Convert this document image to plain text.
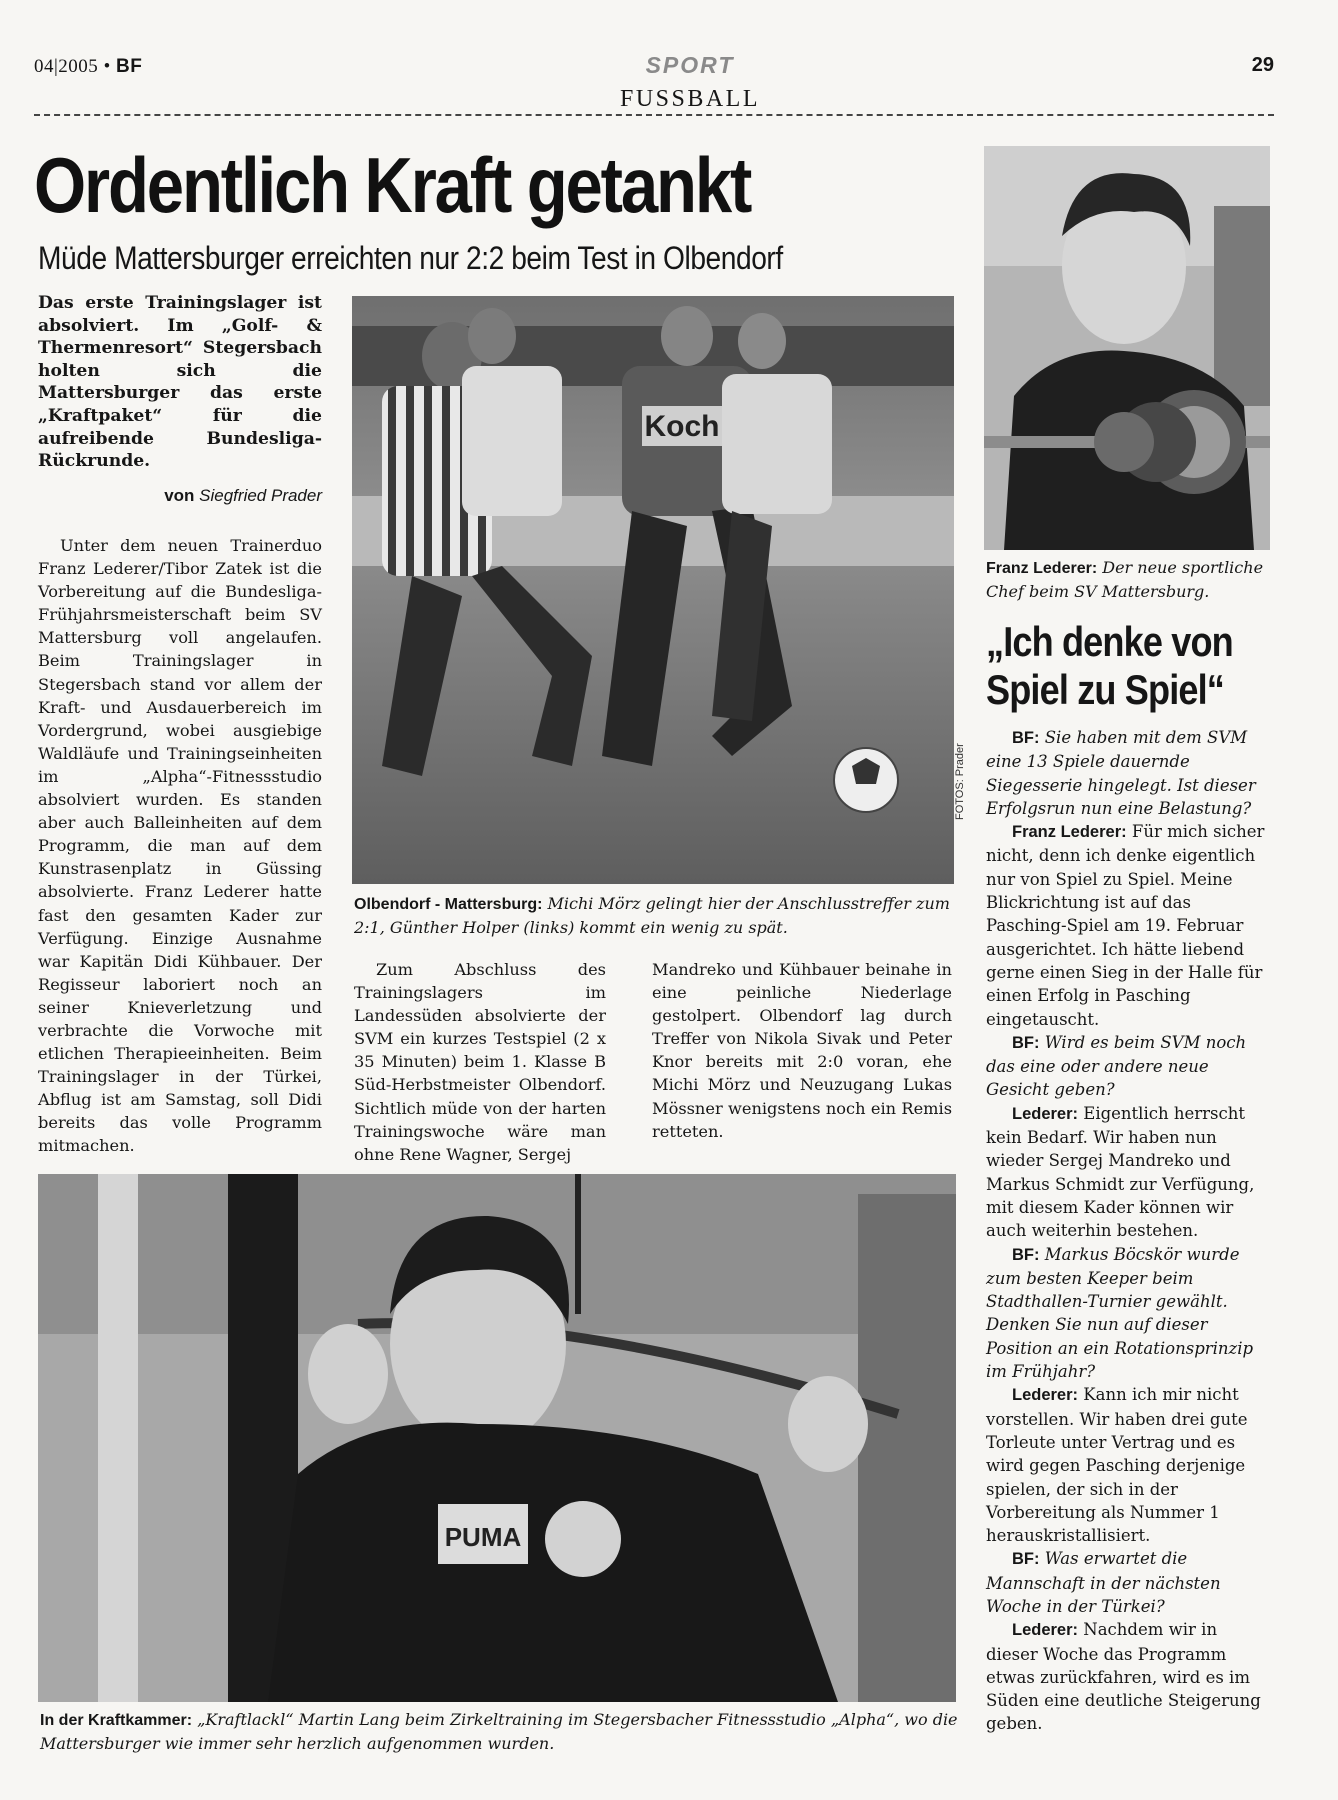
04|2005 • BF	SPORT
FUSSBALL
29
Ordentlich Kraft getankt
Müde Mattersburger erreichten nur 2:2 beim Test in Olbendorf
Das erste Trainingslager ist absolviert. Im „Golf- & Thermenresort“ Stegersbach holten sich die Mattersburger das erste „Kraftpaket“ für die aufreibende Bundesliga-Rückrunde.
von Siegfried Prader
Unter dem neuen Trainerduo Franz Lederer/Tibor Zatek ist die Vorbereitung auf die Bundesliga-Frühjahrsmeisterschaft beim SV Mattersburg voll angelaufen. Beim Trainingslager in Stegersbach stand vor allem der Kraft- und Ausdauerbereich im Vordergrund, wobei ausgiebige Waldläufe und Trainingseinheiten im „Alpha“-Fitnessstudio absolviert wurden. Es standen aber auch Balleinheiten auf dem Programm, die man auf dem Kunstrasenplatz in Güssing absolvierte. Franz Lederer hatte fast den gesamten Kader zur Verfügung. Einzige Ausnahme war Kapitän Didi Kühbauer. Der Regisseur laboriert noch an seiner Knieverletzung und verbrachte die Vorwoche mit etlichen Therapieeinheiten. Beim Trainingslager in der Türkei, Abflug ist am Samstag, soll Didi bereits das volle Programm mitmachen.
Zum Abschluss des Trainingslagers im Landessüden absolvierte der SVM ein kurzes Testspiel (2 x 35 Minuten) beim 1. Klasse B Süd-Herbstmeister Olbendorf. Sichtlich müde von der harten Trainingswoche wäre man ohne Rene Wagner, Sergej
Mandreko und Kühbauer beinahe in eine peinliche Niederlage gestolpert. Olbendorf lag durch Treffer von Nikola Sivak und Peter Knor bereits mit 2:0 voran, ehe Michi Mörz und Neuzugang Lukas Mössner wenigstens noch ein Remis retteten.
Koch
FOTOS: Prader
Olbendorf - Mattersburg: Michi Mörz gelingt hier der Anschlusstreffer zum 2:1, Günther Holper (links) kommt ein wenig zu spät.
Franz Lederer: Der neue sportliche Chef beim SV Mattersburg.
PUMA
In der Kraftkammer: „Kraftlackl“ Martin Lang beim Zirkeltraining im Stegersbacher Fitnessstudio „Alpha“, wo die Mattersburger wie immer sehr herzlich aufgenommen wurden.
„Ich denke von Spiel zu Spiel“

BF: Sie haben mit dem SVM eine 13 Spiele dauernde Siegesserie hingelegt. Ist dieser Erfolgsrun nun eine Belastung?

Franz Lederer: Für mich sicher nicht, denn ich denke eigentlich nur von Spiel zu Spiel. Meine Blickrichtung ist auf das Pasching-Spiel am 19. Februar ausgerichtet. Ich hätte liebend gerne einen Sieg in der Halle für einen Erfolg in Pasching eingetauscht.

BF: Wird es beim SVM noch das eine oder andere neue Gesicht geben?

Lederer: Eigentlich herrscht kein Bedarf. Wir haben nun wieder Sergej Mandreko und Markus Schmidt zur Verfügung, mit diesem Kader können wir auch weiterhin bestehen.

BF: Markus Böcskör wurde zum besten Keeper beim Stadthallen-Turnier gewählt. Denken Sie nun auf dieser Position an ein Rotationsprinzip im Frühjahr?

Lederer: Kann ich mir nicht vorstellen. Wir haben drei gute Torleute unter Vertrag und es wird gegen Pasching derjenige spielen, der sich in der Vorbereitung als Nummer 1 herauskristallisiert.

BF: Was erwartet die Mannschaft in der nächsten Woche in der Türkei?

Lederer: Nachdem wir in dieser Woche das Programm etwas zurückfahren, wird es im Süden eine deutliche Steigerung geben.
